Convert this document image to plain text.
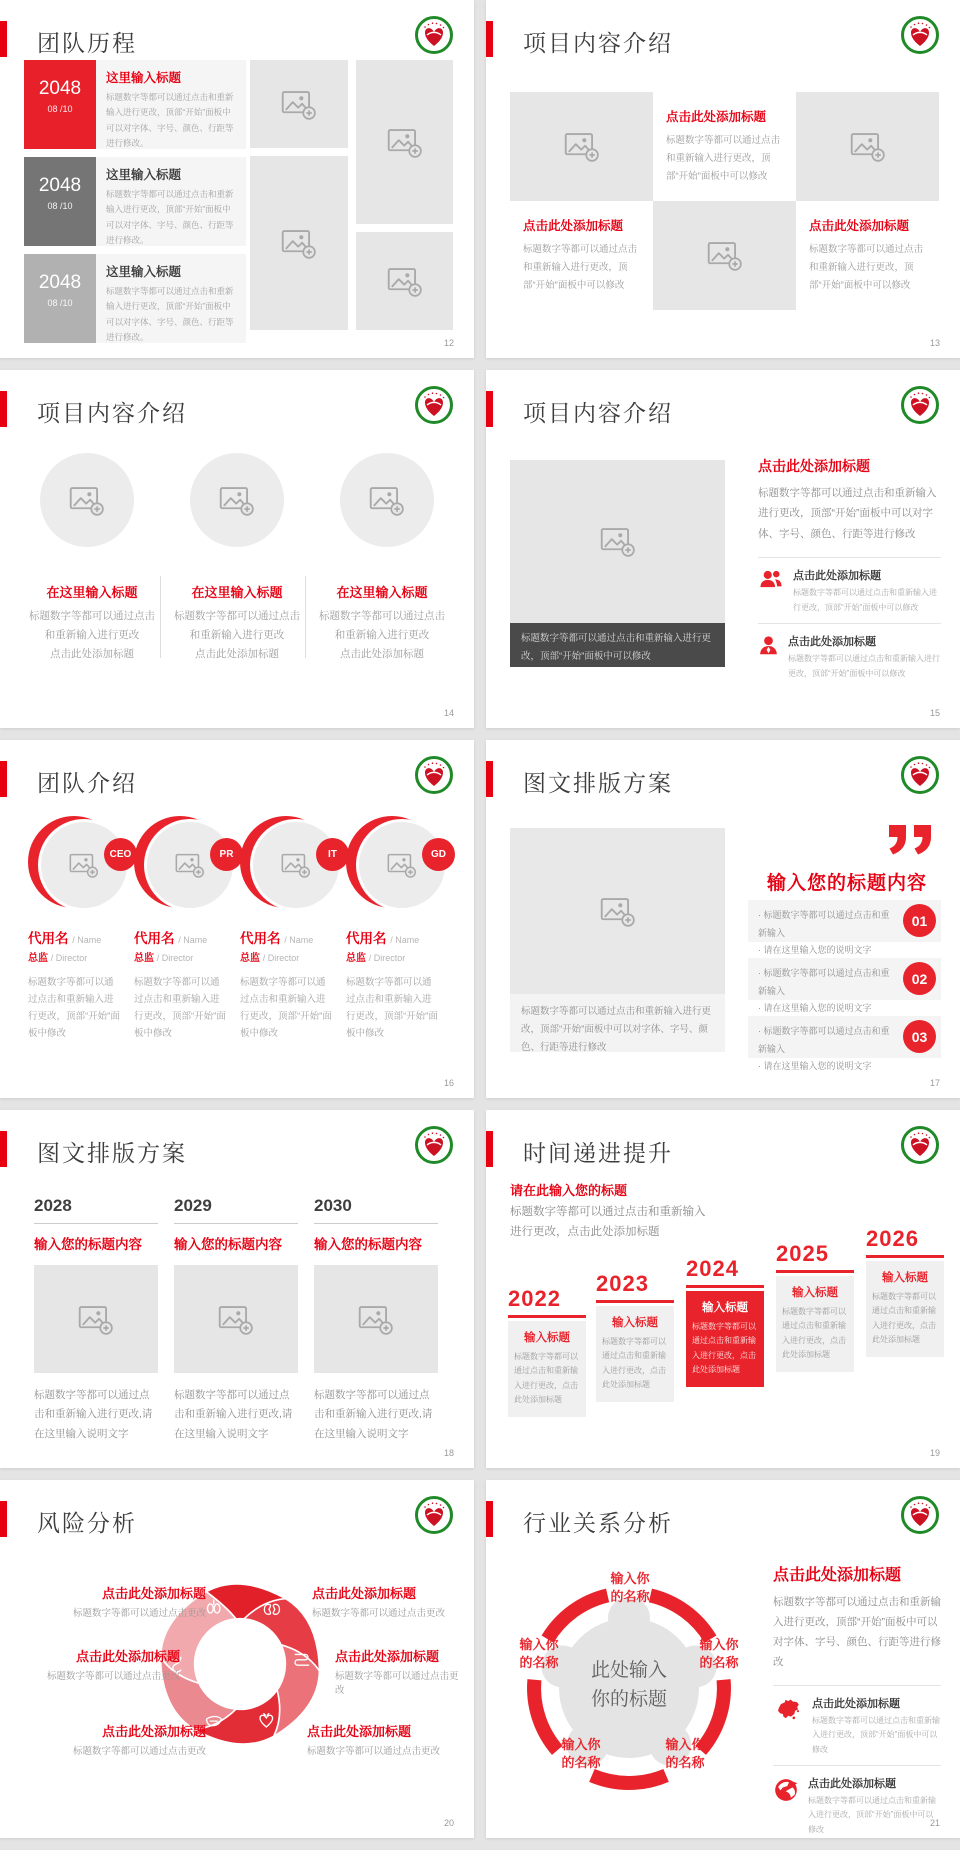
团队历程
2048
08 /10
这里输入标题
标题数字等都可以通过点击和重新输入进行更改，顶部“开始”面板中可以对字体、字号、颜色、行距等进行修改。
2048
08 /10
这里输入标题
标题数字等都可以通过点击和重新输入进行更改，顶部“开始”面板中可以对字体、字号、颜色、行距等进行修改。
2048
08 /10
这里输入标题
标题数字等都可以通过点击和重新输入进行更改，顶部“开始”面板中可以对字体、字号、颜色、行距等进行修改。
12
项目内容介绍
点击此处添加标题
标题数字等都可以通过点击和重新输入进行更改，顶部“开始”面板中可以修改
点击此处添加标题
标题数字等都可以通过点击和重新输入进行更改，顶部“开始”面板中可以修改
点击此处添加标题
标题数字等都可以通过点击和重新输入进行更改，顶部“开始”面板中可以修改
13
项目内容介绍
在这里输入标题
标题数字等都可以通过点击和重新输入进行更改
点击此处添加标题
在这里输入标题
标题数字等都可以通过点击和重新输入进行更改
点击此处添加标题
在这里输入标题
标题数字等都可以通过点击和重新输入进行更改
点击此处添加标题
14
项目内容介绍
标题数字等都可以通过点击和重新输入进行更改，顶部“开始”面板中可以修改
点击此处添加标题
标题数字等都可以通过点击和重新输入进行更改，顶部“开始”面板中可以对字体、字号、颜色、行距等进行修改
点击此处添加标题
标题数字等都可以通过点击和重新输入进行更改，顶部“开始”面板中可以修改
点击此处添加标题
标题数字等都可以通过点击和重新输入进行更改，顶部“开始”面板中可以修改
15
团队介绍
CEO
代用名 / Name
总监 / Director
标题数字等都可以通过点击和重新输入进行更改，顶部“开始”面板中修改
PR
代用名 / Name
总监 / Director
标题数字等都可以通过点击和重新输入进行更改，顶部“开始”面板中修改
IT
代用名 / Name
总监 / Director
标题数字等都可以通过点击和重新输入进行更改，顶部“开始”面板中修改
GD
代用名 / Name
总监 / Director
标题数字等都可以通过点击和重新输入进行更改，顶部“开始”面板中修改
16
图文排版方案
标题数字等都可以通过点击和重新输入进行更改，顶部“开始”面板中可以对字体、字号、颜色、行距等进行修改
输入您的标题内容
· 标题数字等都可以通过点击和重新输入
· 请在这里输入您的说明文字
01
· 标题数字等都可以通过点击和重新输入
· 请在这里输入您的说明文字
02
· 标题数字等都可以通过点击和重新输入
· 请在这里输入您的说明文字
03
17
图文排版方案
2028
输入您的标题内容
标题数字等都可以通过点击和重新输入进行更改,请在这里输入说明文字
2029
输入您的标题内容
标题数字等都可以通过点击和重新输入进行更改,请在这里输入说明文字
2030
输入您的标题内容
标题数字等都可以通过点击和重新输入进行更改,请在这里输入说明文字
18
时间递进提升
请在此输入您的标题
标题数字等都可以通过点击和重新输入
进行更改，点击此处添加标题
2022
输入标题
标题数字等都可以通过点击和重新输入进行更改，点击此处添加标题
2023
输入标题
标题数字等都可以通过点击和重新输入进行更改，点击此处添加标题
2024
输入标题
标题数字等都可以通过点击和重新输入进行更改，点击此处添加标题
2025
输入标题
标题数字等都可以通过点击和重新输入进行更改，点击此处添加标题
2026
输入标题
标题数字等都可以通过点击和重新输入进行更改，点击此处添加标题
19
风险分析
点击此处添加标题
标题数字等都可以通过点击更改
点击此处添加标题
标题数字等都可以通过点击更改
点击此处添加标题
标题数字等都可以通过点击更改
点击此处添加标题
标题数字等都可以通过点击更改
点击此处添加标题
标题数字等都可以通过点击更改
点击此处添加标题
标题数字等都可以通过点击更改
20
行业关系分析
输入你
的名称
输入你
的名称
输入你
的名称
输入你
的名称
输入你
的名称
此处输入
你的标题
点击此处添加标题
标题数字等都可以通过点击和重新输入进行更改，顶部“开始”面板中可以对字体、字号、颜色、行距等进行修改
点击此处添加标题
标题数字等都可以通过点击和重新输入进行更改，顶部“开始”面板中可以修改
点击此处添加标题
标题数字等都可以通过点击和重新输入进行更改，顶部“开始”面板中可以修改
21
